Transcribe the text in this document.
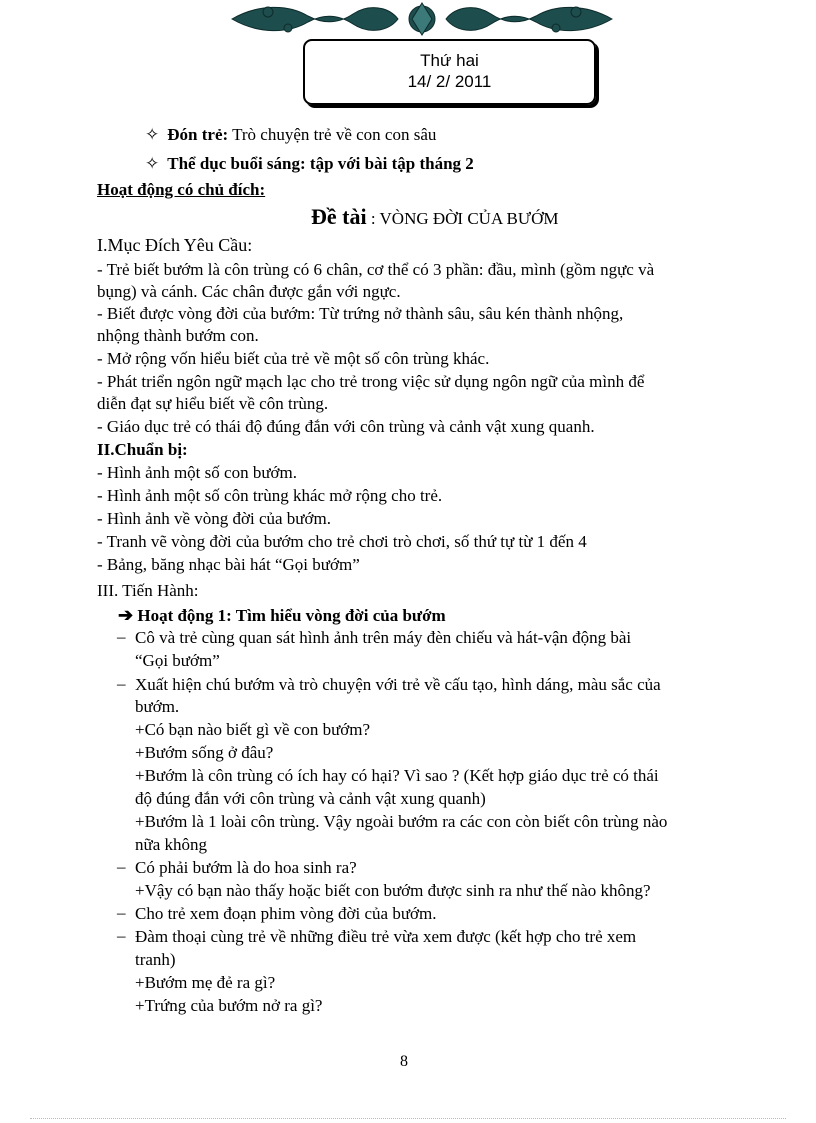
Thứ hai
14/ 2/ 2011
✧ Đón trẻ: Trò chuyện trẻ về con con sâu
✧ Thể dục buổi sáng: tập với bài tập tháng 2
Hoạt động có chủ đích:
Đề tài : VÒNG ĐỜI CỦA BƯỚM
I.Mục Đích Yêu Cầu:
- Trẻ biết bướm là côn trùng có 6 chân, cơ thể có 3 phần: đầu, mình (gồm ngực và
bụng) và cánh. Các chân được gắn với ngực.
- Biết được vòng đời của bướm: Từ trứng nở thành sâu, sâu kén thành nhộng,
nhộng thành bướm con.
- Mở rộng vốn hiểu biết của trẻ về một số côn trùng khác.
- Phát triển ngôn ngữ mạch lạc cho trẻ trong việc sử dụng ngôn ngữ của mình để
diễn đạt sự hiểu biết về côn trùng.
- Giáo dục trẻ có thái độ đúng đắn với côn trùng và cảnh vật xung quanh.
II.Chuẩn bị:
- Hình ảnh một số con bướm.
- Hình ảnh một số côn trùng khác mở rộng cho trẻ.
- Hình ảnh về vòng đời của bướm.
- Tranh vẽ vòng đời của bướm cho trẻ chơi trò chơi, số thứ tự từ 1 đến 4
- Bảng, băng nhạc bài hát “Gọi bướm”
III. Tiến Hành:
➔ Hoạt động 1: Tìm hiểu vòng đời của bướm
– Cô và trẻ cùng quan sát hình ảnh trên máy đèn chiếu và hát-vận động bài
“Gọi bướm”
– Xuất hiện chú bướm và trò chuyện với trẻ về cấu tạo, hình dáng, màu sắc của
bướm.
+Có bạn nào biết gì về con bướm?
+Bướm sống ở đâu?
+Bướm là côn trùng có ích hay có hại? Vì sao ? (Kết hợp giáo dục trẻ có thái
độ đúng đắn với côn trùng và cảnh vật xung quanh)
+Bướm là 1 loài côn trùng. Vậy ngoài bướm ra các con còn biết côn trùng nào
nữa không
– Có phải bướm là do hoa sinh ra?
+Vậy có bạn nào thấy hoặc biết con bướm được sinh ra như thế nào không?
– Cho trẻ xem đoạn phim vòng đời của bướm.
– Đàm thoại cùng trẻ về những điều trẻ vừa xem được (kết hợp cho trẻ xem
tranh)
+Bướm mẹ đẻ ra gì?
+Trứng của bướm nở ra gì?
8
